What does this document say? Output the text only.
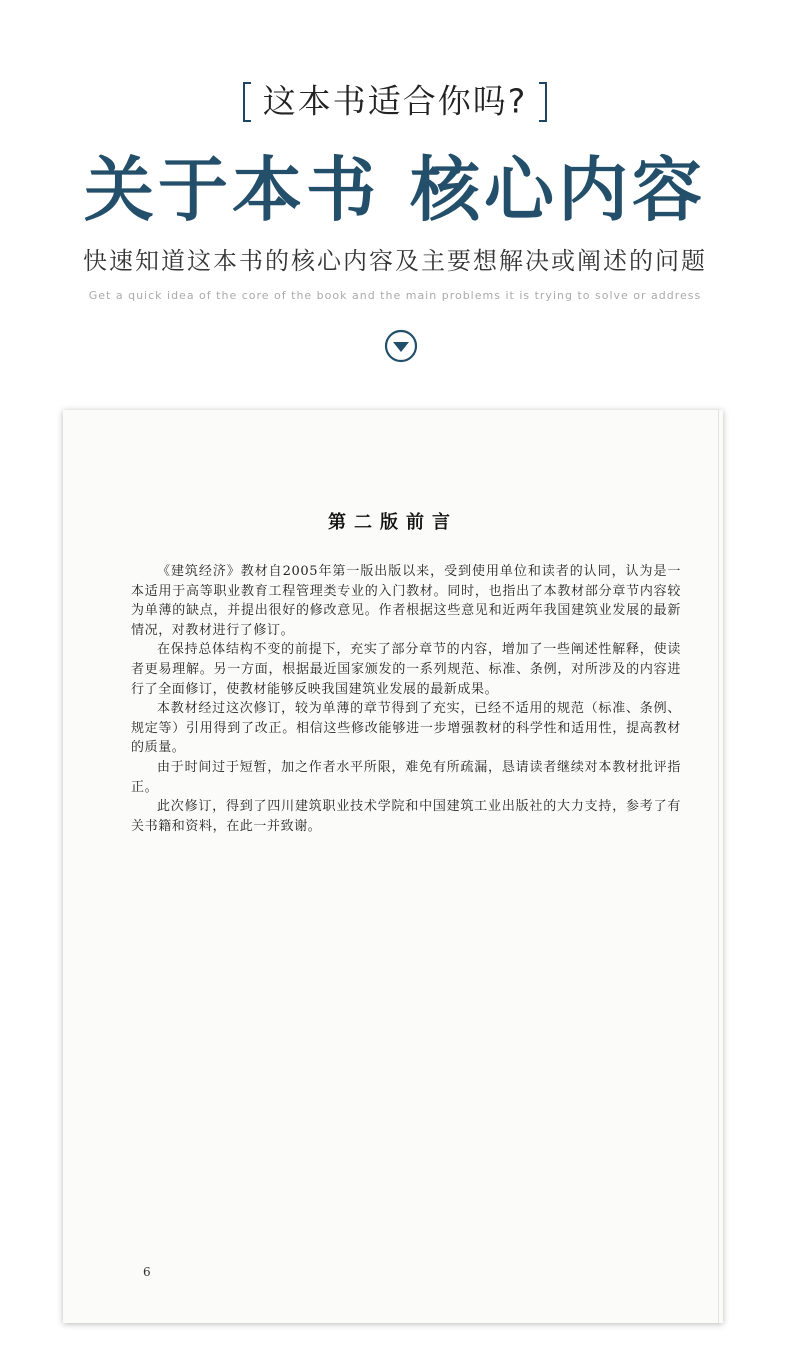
这本书适合你吗?
关于本书 核心内容
快速知道这本书的核心内容及主要想解决或阐述的问题
Get a quick idea of the core of the book and the main problems it is trying to solve or address
第二版前言

《建筑经济》教材自2005年第一版出版以来，受到使用单位和读者的认同，认为是一本适用于高等职业教育工程管理类专业的入门教材。同时，也指出了本教材部分章节内容较为单薄的缺点，并提出很好的修改意见。作者根据这些意见和近两年我国建筑业发展的最新情况，对教材进行了修订。

在保持总体结构不变的前提下，充实了部分章节的内容，增加了一些阐述性解释，使读者更易理解。另一方面，根据最近国家颁发的一系列规范、标准、条例，对所涉及的内容进行了全面修订，使教材能够反映我国建筑业发展的最新成果。

本教材经过这次修订，较为单薄的章节得到了充实，已经不适用的规范（标准、条例、规定等）引用得到了改正。相信这些修改能够进一步增强教材的科学性和适用性，提高教材的质量。

由于时间过于短暂，加之作者水平所限，难免有所疏漏，恳请读者继续对本教材批评指正。

此次修订，得到了四川建筑职业技术学院和中国建筑工业出版社的大力支持，参考了有关书籍和资料，在此一并致谢。

6
